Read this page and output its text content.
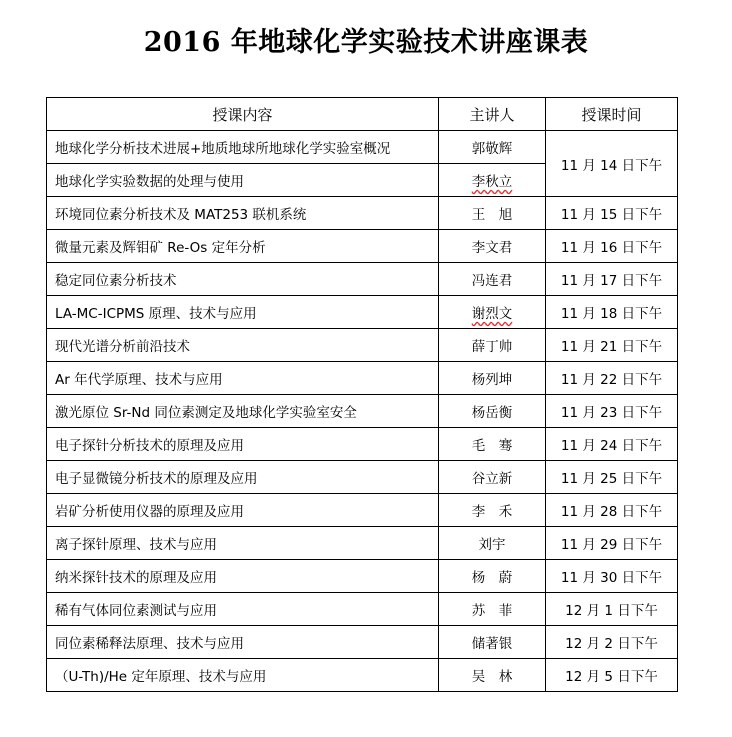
2016 年地球化学实验技术讲座课表
授课内容	主讲人	授课时间
地球化学分析技术进展+地质地球所地球化学实验室概况	郭敬辉	11 月 14 日下午
地球化学实验数据的处理与使用	李秋立	
环境同位素分析技术及 MAT253 联机系统	王　旭	11 月 15 日下午
微量元素及辉钼矿 Re-Os 定年分析	李文君	11 月 16 日下午
稳定同位素分析技术	冯连君	11 月 17 日下午
LA-MC-ICPMS 原理、技术与应用	谢烈文	11 月 18 日下午
现代光谱分析前沿技术	薛丁帅	11 月 21 日下午
Ar 年代学原理、技术与应用	杨列坤	11 月 22 日下午
激光原位 Sr-Nd 同位素测定及地球化学实验室安全	杨岳衡	11 月 23 日下午
电子探针分析技术的原理及应用	毛　骞	11 月 24 日下午
电子显微镜分析技术的原理及应用	谷立新	11 月 25 日下午
岩矿分析使用仪器的原理及应用	李　禾	11 月 28 日下午
离子探针原理、技术与应用	刘宇	11 月 29 日下午
纳米探针技术的原理及应用	杨　蔚	11 月 30 日下午
稀有气体同位素测试与应用	苏　菲	12 月 1 日下午
同位素稀释法原理、技术与应用	储著银	12 月 2 日下午
（U-Th)/He 定年原理、技术与应用	吴　林	12 月 5 日下午
